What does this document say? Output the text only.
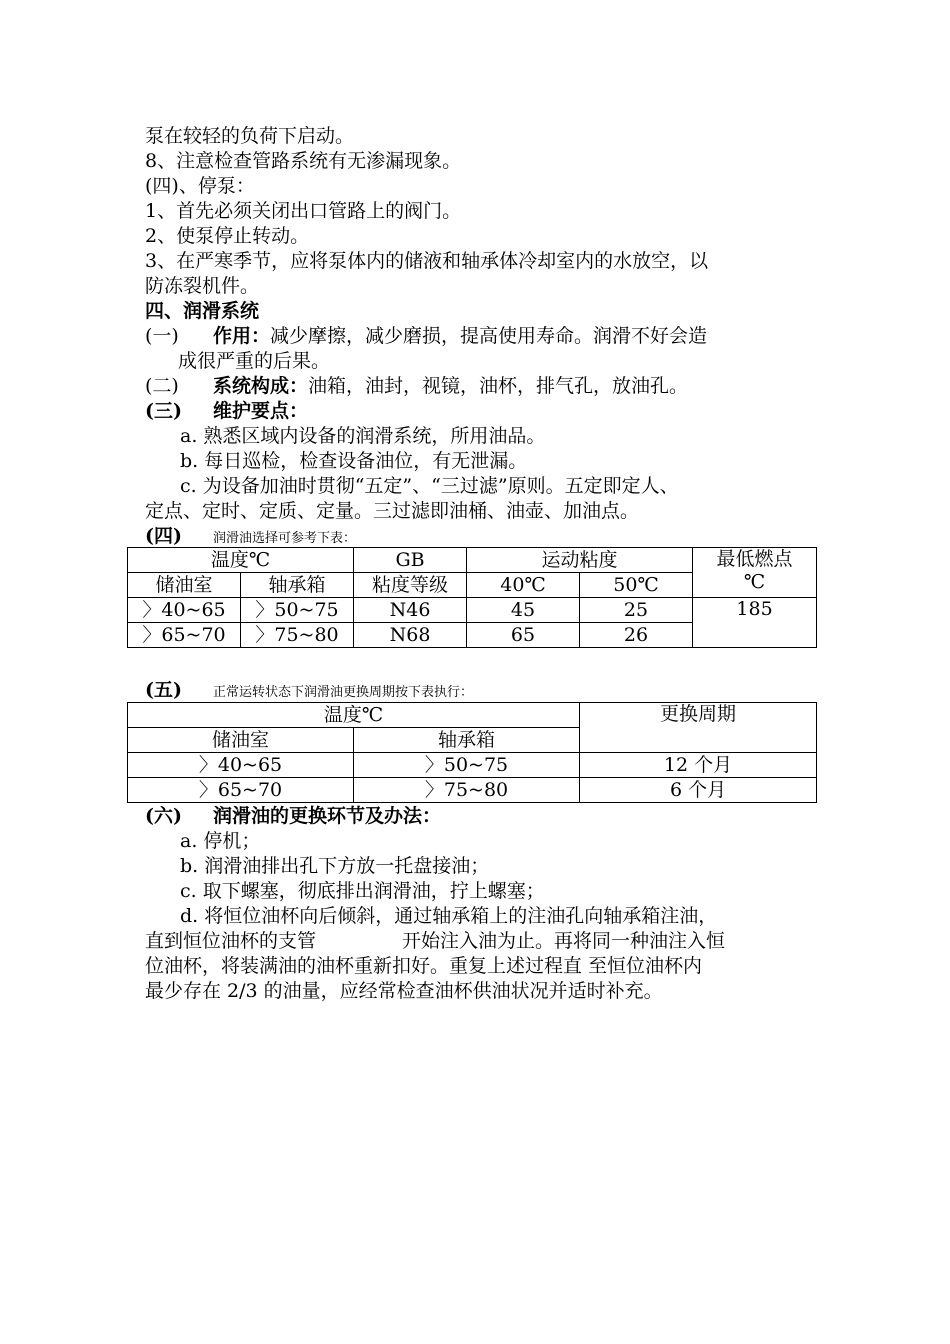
泵在较轻的负荷下启动。
8、注意检查管路系统有无渗漏现象。
(四)、停泵：
1、首先必须关闭出口管路上的阀门。
2、使泵停止转动。
3、在严寒季节，应将泵体内的储液和轴承体冷却室内的水放空，以
防冻裂机件。
四、润滑系统
(一) 作用：减少摩擦，减少磨损，提高使用寿命。润滑不好会造
成很严重的后果。
(二) 系统构成：油箱，油封，视镜，油杯，排气孔，放油孔。
(三) 维护要点：
a. 熟悉区域内设备的润滑系统，所用油品。
b. 每日巡检，检查设备油位，有无泄漏。
c. 为设备加油时贯彻“五定”、“三过滤”原则。五定即定人、
定点、定时、定质、定量。三过滤即油桶、油壶、加油点。
(四) 润滑油选择可参考下表：
温度℃		GB	运动粘度		最低燃点
℃

储油室	轴承箱	粘度等级	40℃	50℃	
〉40~65	〉50~75	N46	45	25	185
〉65~70	〉75~80	N68	65	26	
(五) 正常运转状态下润滑油更换周期按下表执行：
温度℃		更换周期
储油室	轴承箱	
〉40~65	〉50~75	12 个月
〉65~70	〉75~80	6 个月
(六) 润滑油的更换环节及办法：
a. 停机；
b. 润滑油排出孔下方放一托盘接油；
c. 取下螺塞，彻底排出润滑油，拧上螺塞；
d. 将恒位油杯向后倾斜，通过轴承箱上的注油孔向轴承箱注油，
直到恒位油杯的支管	开始注入油为止。再将同一种油注入恒
位油杯，将装满油的油杯重新扣好。重复上述过程直 至恒位油杯内
最少存在 2/3 的油量，应经常检查油杯供油状况并适时补充。
